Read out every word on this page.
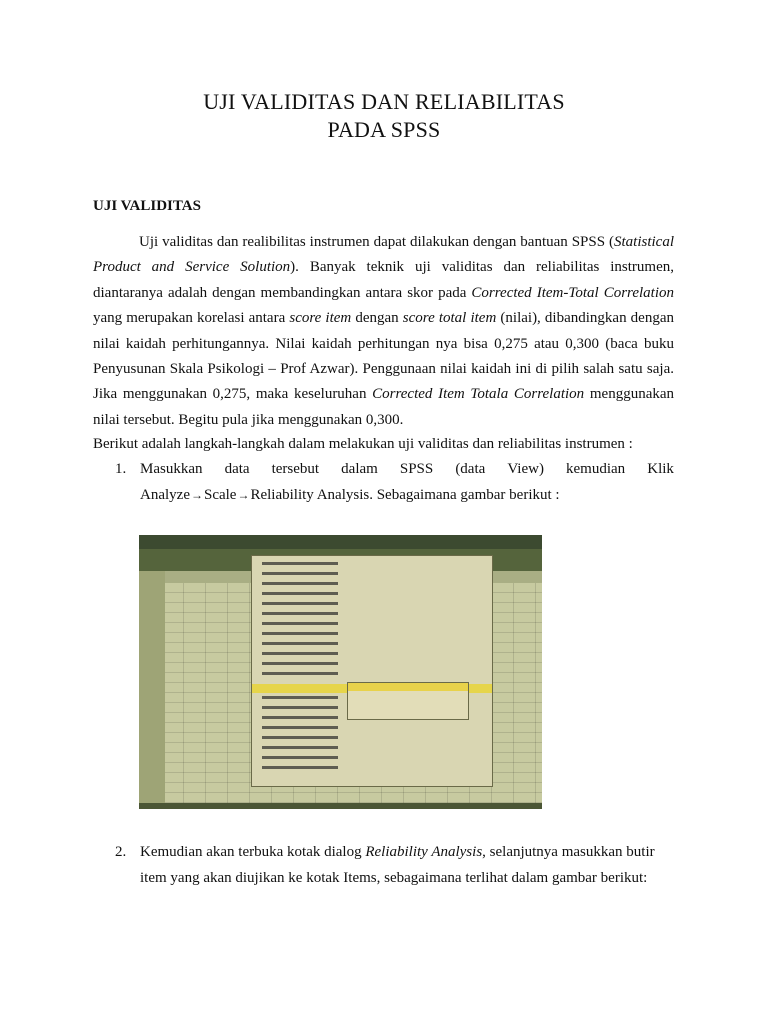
UJI VALIDITAS DAN RELIABILITAS
PADA SPSS
UJI VALIDITAS
Uji validitas dan realibilitas instrumen dapat dilakukan dengan bantuan SPSS (Statistical Product and Service Solution). Banyak teknik uji validitas dan reliabilitas instrumen, diantaranya adalah dengan membandingkan antara skor pada Corrected Item-Total Correlation yang merupakan korelasi antara score item dengan score total item (nilai), dibandingkan dengan nilai kaidah perhitungannya. Nilai kaidah perhitungan nya bisa 0,275 atau 0,300 (baca buku Penyusunan Skala Psikologi – Prof Azwar). Penggunaan nilai kaidah ini di pilih salah satu saja. Jika menggunakan 0,275, maka keseluruhan Corrected Item Totala Correlation menggunakan nilai tersebut. Begitu pula jika menggunakan 0,300.
Berikut adalah langkah-langkah dalam melakukan uji validitas dan reliabilitas instrumen :
1. Masukkan data tersebut dalam SPSS (data View) kemudian Klik
Analyze→Scale→Reliability Analysis. Sebagaimana gambar berikut :
2. Kemudian akan terbuka kotak dialog Reliability Analysis, selanjutnya masukkan butir item yang akan diujikan ke kotak Items, sebagaimana terlihat dalam gambar berikut:
